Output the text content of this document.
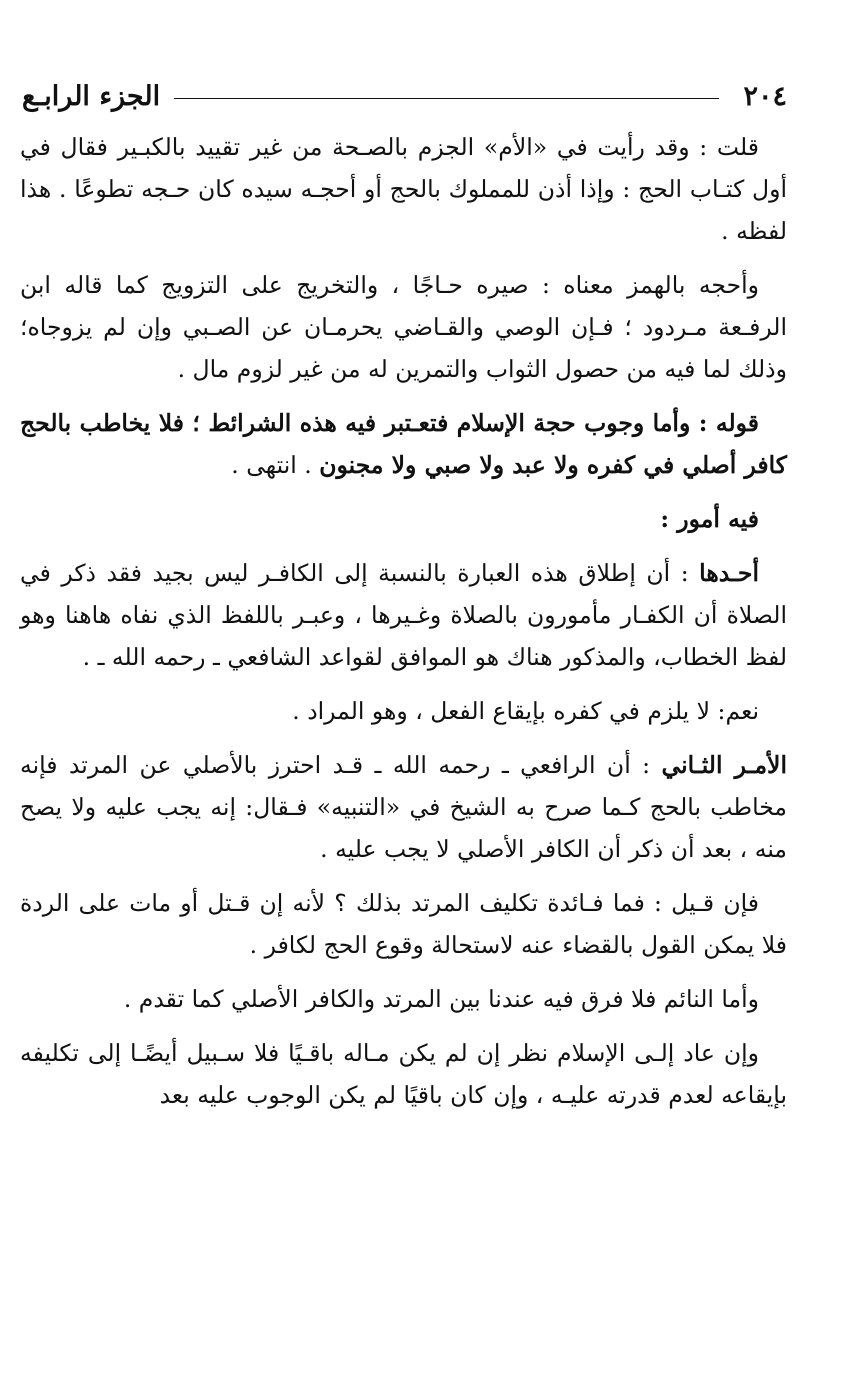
٢٠٤
الجزء الرابـع

قلت : وقد رأيت في «الأم» الجزم بالصـحة من غير تقييد بالكبـير فقال في أول كتـاب الحج : وإذا أذن للمملوك بالحج أو أحجـه سيده كان حـجه تطوعًا . هذا لفظه .

وأحجه بالهمز معناه : صيره حـاجًا ، والتخريج على التزويج كما قاله ابن الرفـعة مـردود ؛ فـإن الوصي والقـاضي يحرمـان عن الصـبي وإن لم يزوجاه؛ وذلك لما فيه من حصول الثواب والتمرين له من غير لزوم مال .

قوله : وأما وجوب حجة الإسلام فتعـتبر فيه هذه الشرائط ؛ فلا يخاطب بالحج كافر أصلي في كفره ولا عبد ولا صبي ولا مجنون . انتهى .

فيه أمور :

أحـدها : أن إطلاق هذه العبارة بالنسبة إلى الكافـر ليس بجيد فقد ذكر في الصلاة أن الكفـار مأمورون بالصلاة وغـيرها ، وعبـر باللفظ الذي نفاه هاهنا وهو لفظ الخطاب، والمذكور هناك هو الموافق لقواعد الشافعي ـ رحمه الله ـ .

نعم: لا يلزم في كفره بإيقاع الفعل ، وهو المراد .

الأمـر الثـاني : أن الرافعي ـ رحمه الله ـ قـد احترز بالأصلي عن المرتد فإنه مخاطب بالحج كـما صرح به الشيخ في «التنبيه» فـقال: إنه يجب عليه ولا يصح منه ، بعد أن ذكر أن الكافر الأصلي لا يجب عليه .

فإن قـيل : فما فـائدة تكليف المرتد بذلك ؟ لأنه إن قـتل أو مات على الردة فلا يمكن القول بالقضاء عنه لاستحالة وقوع الحج لكافر .

وأما النائم فلا فرق فيه عندنا بين المرتد والكافر الأصلي كما تقدم .

وإن عاد إلـى الإسلام نظر إن لم يكن مـاله باقـيًا فلا سـبيل أيضًـا إلى تكليفه بإيقاعه لعدم قدرته عليـه ، وإن كان باقيًا لم يكن الوجوب عليه بعد
